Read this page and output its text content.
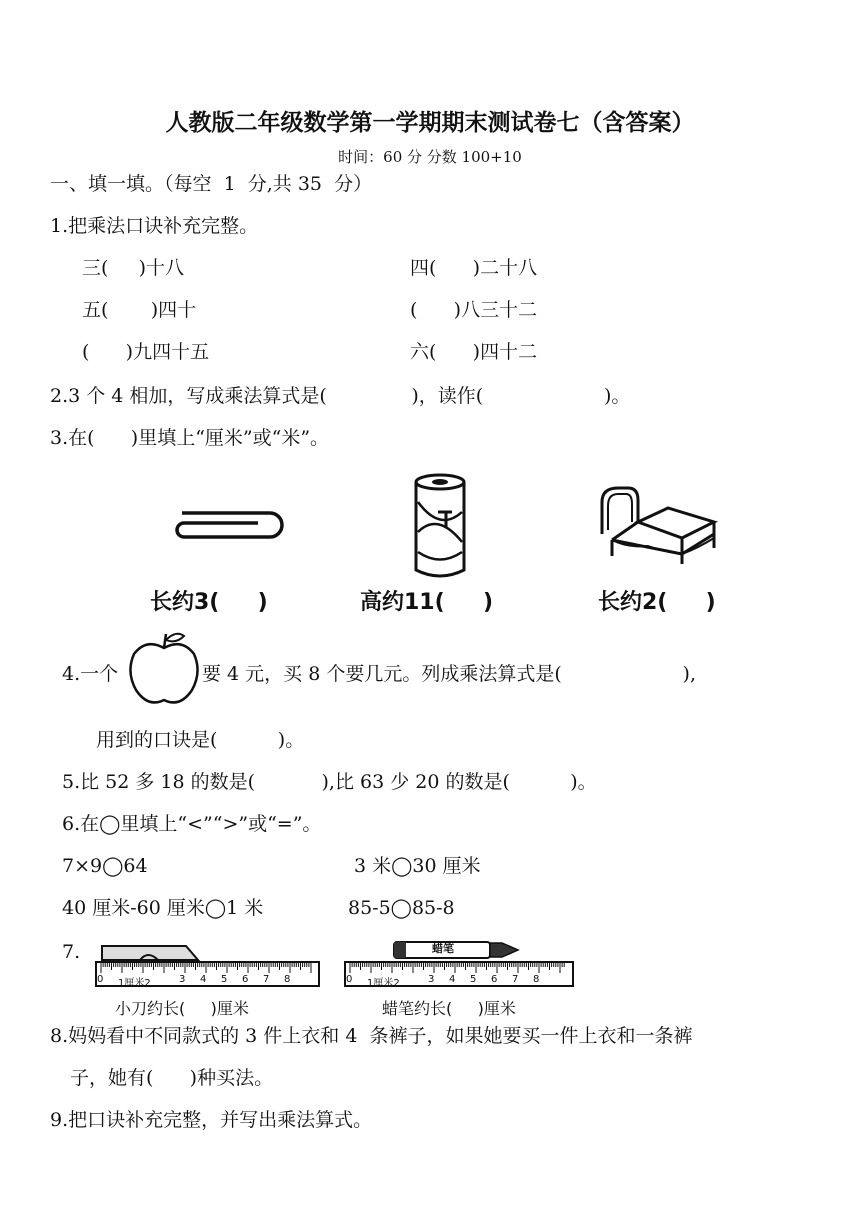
人教版二年级数学第一学期期末测试卷七（含答案）
时间：60 分 分数 100+10
一、填一填。（每空  1  分,共 35  分）
1.把乘法口诀补充完整。
三(     )十八	四(      )二十八
五(       )四十	(      )八三十二
(      )九四十五	六(      )四十二
2.3 个 4 相加，写成乘法算式是(              )，读作(                    )。
3.在(      )里填上“厘米”或“米”。
长约3(     )	高约11(     )	长约2(     )
4.一个	要 4 元，买 8 个要几元。列成乘法算式是(                    ),
用到的口诀是(          )。
5.比 52 多 18 的数是(           ),比 63 少 20 的数是(          )。
6.在◯里填上“<”“>”或“=”。
7×9◯64	3 米◯30 厘米
40 厘米-60 厘米◯1 米	85-5◯85-8
7.	蜡笔
0 1厘米2	0 1厘米2
3 4 5 6 7 8	3 4 5 6 7 8
小刀约长(     )厘米	蜡笔约长(     )厘米
8.妈妈看中不同款式的 3 件上衣和 4  条裤子，如果她要买一件上衣和一条裤
子，她有(      )种买法。
9.把口诀补充完整，并写出乘法算式。
